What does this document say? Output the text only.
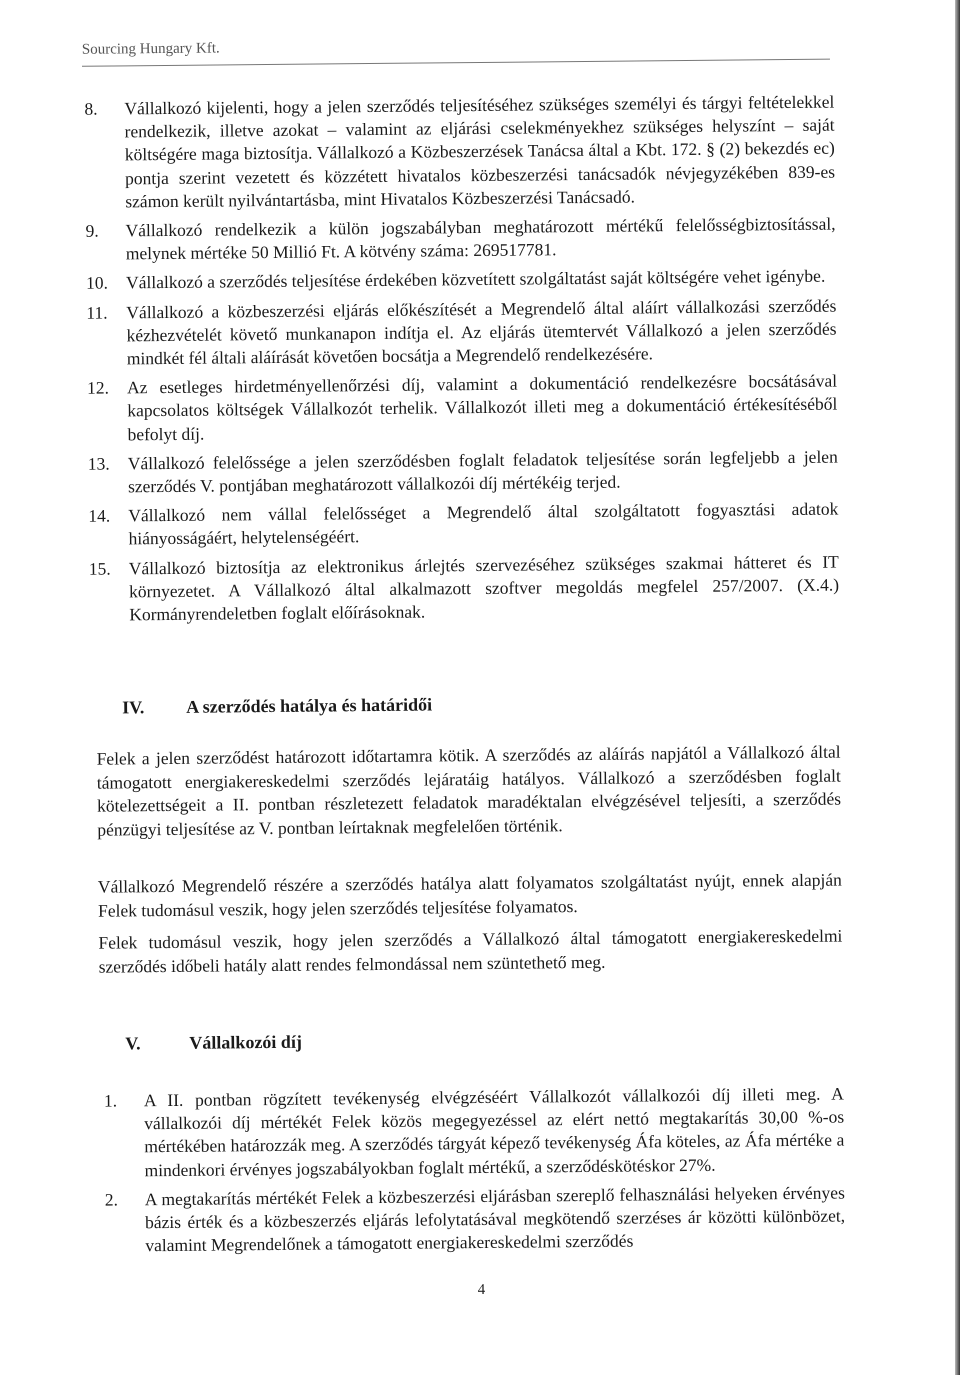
Sourcing Hungary Kft.
8.	Vállalkozó kijelenti, hogy a jelen szerződés teljesítéséhez szükséges személyi és tárgyi feltételekkel rendelkezik, illetve azokat – valamint az eljárási cselekményekhez szükséges helyszínt – saját költségére maga biztosítja. Vállalkozó a Közbeszerzések Tanácsa által a Kbt. 172. § (2) bekezdés ec) pontja szerint vezetett és közzétett hivatalos közbeszerzési tanácsadók névjegyzékében 839-es számon került nyilvántartásba, mint Hivatalos Közbeszerzési Tanácsadó.
9.	Vállalkozó rendelkezik a külön jogszabályban meghatározott mértékű felelősségbiztosítással, melynek mértéke 50 Millió Ft. A kötvény száma: 269517781.
10.	Vállalkozó a szerződés teljesítése érdekében közvetített szolgáltatást saját költségére vehet igénybe.
11.	Vállalkozó a közbeszerzési eljárás előkészítését a Megrendelő által aláírt vállalkozási szerződés kézhezvételét követő munkanapon indítja el. Az eljárás ütemtervét Vállalkozó a jelen szerződés mindkét fél általi aláírását követően bocsátja a Megrendelő rendelkezésére.
12.	Az esetleges hirdetményellenőrzési díj, valamint a dokumentáció rendelkezésre bocsátásával kapcsolatos költségek Vállalkozót terhelik. Vállalkozót illeti meg a dokumentáció értékesítéséből befolyt díj.
13.	Vállalkozó felelőssége a jelen szerződésben foglalt feladatok teljesítése során legfeljebb a jelen szerződés V. pontjában meghatározott vállalkozói díj mértékéig terjed.
14.	Vállalkozó nem vállal felelősséget a Megrendelő által szolgáltatott fogyasztási adatok hiányosságáért, helytelenségéért.
15.	Vállalkozó biztosítja az elektronikus árlejtés szervezéséhez szükséges szakmai hátteret és IT környezetet. A Vállalkozó által alkalmazott szoftver megoldás megfelel 257/2007. (X.4.) Kormányrendeletben foglalt előírásoknak.
IV. A szerződés hatálya és határidői
Felek a jelen szerződést határozott időtartamra kötik. A szerződés az aláírás napjától a Vállalkozó által támogatott energiakereskedelmi szerződés lejáratáig hatályos. Vállalkozó a szerződésben foglalt kötelezettségeit a II. pontban részletezett feladatok maradéktalan elvégzésével teljesíti, a szerződés pénzügyi teljesítése az V. pontban leírtaknak megfelelően történik.
Vállalkozó Megrendelő részére a szerződés hatálya alatt folyamatos szolgáltatást nyújt, ennek alapján Felek tudomásul veszik, hogy jelen szerződés teljesítése folyamatos.
Felek tudomásul veszik, hogy jelen szerződés a Vállalkozó által támogatott energiakereskedelmi szerződés időbeli hatály alatt rendes felmondással nem szüntethető meg.
V.	Vállalkozói díj
1.	A II. pontban rögzített tevékenység elvégzéséért Vállalkozót vállalkozói díj illeti meg. A vállalkozói díj mértékét Felek közös megegyezéssel az elért nettó megtakarítás 30,00 %-os mértékében határozzák meg. A szerződés tárgyát képező tevékenység Áfa köteles, az Áfa mértéke a mindenkori érvényes jogszabályokban foglalt mértékű, a szerződéskötéskor 27%.
2.	A megtakarítás mértékét Felek a közbeszerzési eljárásban szereplő felhasználási helyeken érvényes bázis érték és a közbeszerzés eljárás lefolytatásával megkötendő szerzéses ár közötti különbözet, valamint Megrendelőnek a támogatott energiakereskedelmi szerződés
4
